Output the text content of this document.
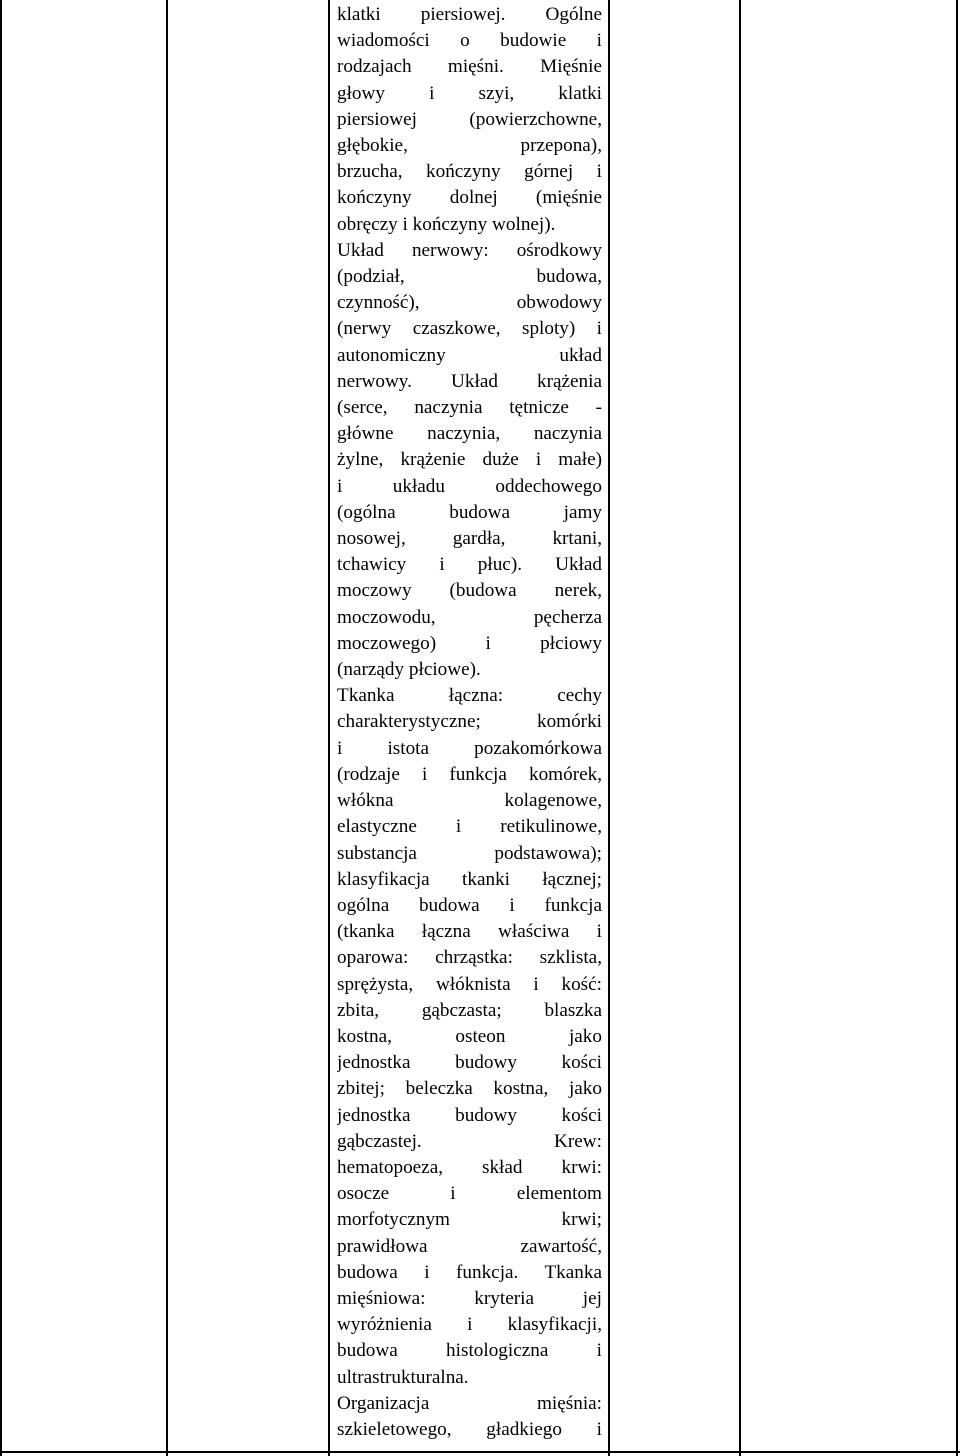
klatki piersiowej. Ogólne
wiadomości o budowie i
rodzajach mięśni. Mięśnie
głowy i szyi, klatki
piersiowej (powierzchowne,
głębokie, przepona),
brzucha, kończyny górnej i
kończyny dolnej (mięśnie
obręczy i kończyny wolnej).
Układ nerwowy: ośrodkowy
(podział, budowa,
czynność), obwodowy
(nerwy czaszkowe, sploty) i
autonomiczny układ
nerwowy. Układ krążenia
(serce, naczynia tętnicze -
główne naczynia, naczynia
żylne, krążenie duże i małe)
i układu oddechowego
(ogólna budowa jamy
nosowej, gardła, krtani,
tchawicy i płuc). Układ
moczowy (budowa nerek,
moczowodu, pęcherza
moczowego) i płciowy
(narządy płciowe).
Tkanka łączna: cechy
charakterystyczne; komórki
i istota pozakomórkowa
(rodzaje i funkcja komórek,
włókna kolagenowe,
elastyczne i retikulinowe,
substancja podstawowa);
klasyfikacja tkanki łącznej;
ogólna budowa i funkcja
(tkanka łączna właściwa i
oparowa: chrząstka: szklista,
sprężysta, włóknista i kość:
zbita, gąbczasta; blaszka
kostna, osteon jako
jednostka budowy kości
zbitej; beleczka kostna, jako
jednostka budowy kości
gąbczastej. Krew:
hematopoeza, skład krwi:
osocze i elementom
morfotycznym krwi;
prawidłowa zawartość,
budowa i funkcja. Tkanka
mięśniowa: kryteria jej
wyróżnienia i klasyfikacji,
budowa histologiczna i
ultrastrukturalna.
Organizacja mięśnia:
szkieletowego, gładkiego i
